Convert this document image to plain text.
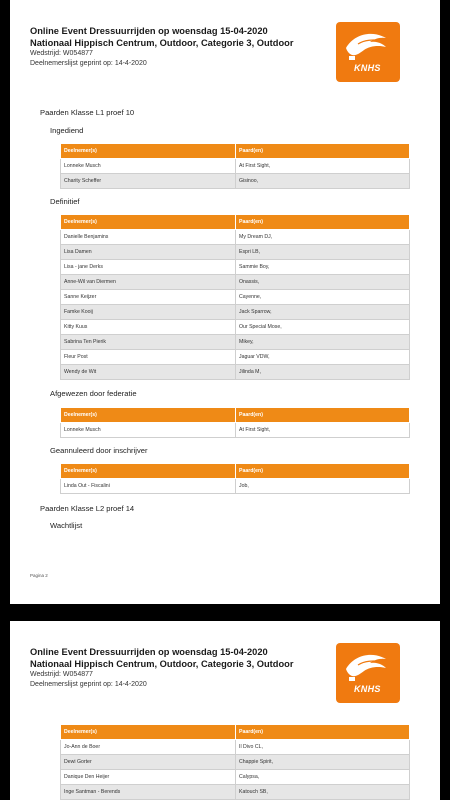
Online Event Dressuurrijden op woensdag 15-04-2020
Nationaal Hippisch Centrum, Outdoor, Categorie 3, Outdoor
Wedstrijd: W054877
Deelnemerslijst geprint op: 14-4-2020	KNHS
Paarden Klasse L1 proef 10
Ingediend
Deelnemer(s)	Paard(en)
Lonneke Musch	At First Sight,
Charity Scheffer	Gisinoo,
Definitief
Deelnemer(s)	Paard(en)
Danielle Benjamins	My Dream DJ,
Lisa Damen	Espri LB,
Lisa - jane Derks	Sammie Boy,
Anne-Wil van Diermen	Onassis,
Sanne Keijzer	Cayenne,
Famke Kooij	Jack Sparrow,
Kitty Kuus	Our Special Mose,
Sabrina Ten Pierik	Mikey,
Fleur Post	Jaguar VDW,
Wendy de Wit	Jilinda M,
Afgewezen door federatie
Deelnemer(s)	Paard(en)
Lonneke Musch	At First Sight,
Geannuleerd door inschrijver
Deelnemer(s)	Paard(en)
Linda Out - Fiscalini	Job,
Paarden Klasse L2 proef 14
Wachtlijst
Pagina 2
Online Event Dressuurrijden op woensdag 15-04-2020
Nationaal Hippisch Centrum, Outdoor, Categorie 3, Outdoor
Wedstrijd: W054877
Deelnemerslijst geprint op: 14-4-2020	KNHS
Deelnemer(s)	Paard(en)
Jo-Ann de Boer	Il Divo CL,
Dewi Gorter	Chappie Spirit,
Danique Den Heijer	Calypsa,
Inge Santman - Berends	Katouch SB,
